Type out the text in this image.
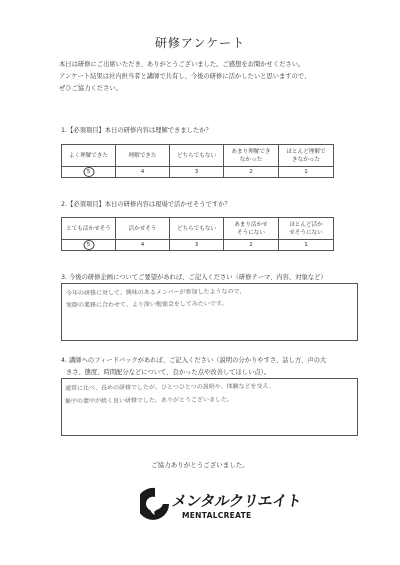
研修アンケート
本日は研修にご出席いただき、ありがとうございました。ご感想をお聞かせください。
アンケート結果は社内担当者と講師で共有し、今後の研修に活かしたいと思いますので、
ぜひご協力ください。
1.【必須項目】本日の研修内容は理解できましたか？
よく理解できた	理解できた	どちらでもない	あまり理解できなかった	ほとんど理解できなかった

5	4	3	2	1
2.【必須項目】本日の研修内容は現場で活かせそうですか？
とても活かせそう	活かせそう	どちらでもない	あまり活かせそうにない	ほとんど活かせそうにない

5	4	3	2	1
3. 今後の研修企画についてご要望があれば、ご記入ください（研修テーマ、内容、対象など）
今年の研修に対して、興味のあるメンバーが参加したようなので、
実際の業務に合わせて、より深い勉強会をしてみたいです。
4. 講師へのフィードバックがあれば、ご記入ください（説明の分かりやすさ、話し方、声の大
きさ、態度、時間配分などについて、良かった点や改善してほしい点）。
通常に比べ、長めの研修でしたが、ひとつひとつの説明や、体験などを交え、
集中の妻中が続く良い研修でした。ありがとうございました。
ご協力ありがとうございました。
メンタルクリエイト
MENTALCREATE
